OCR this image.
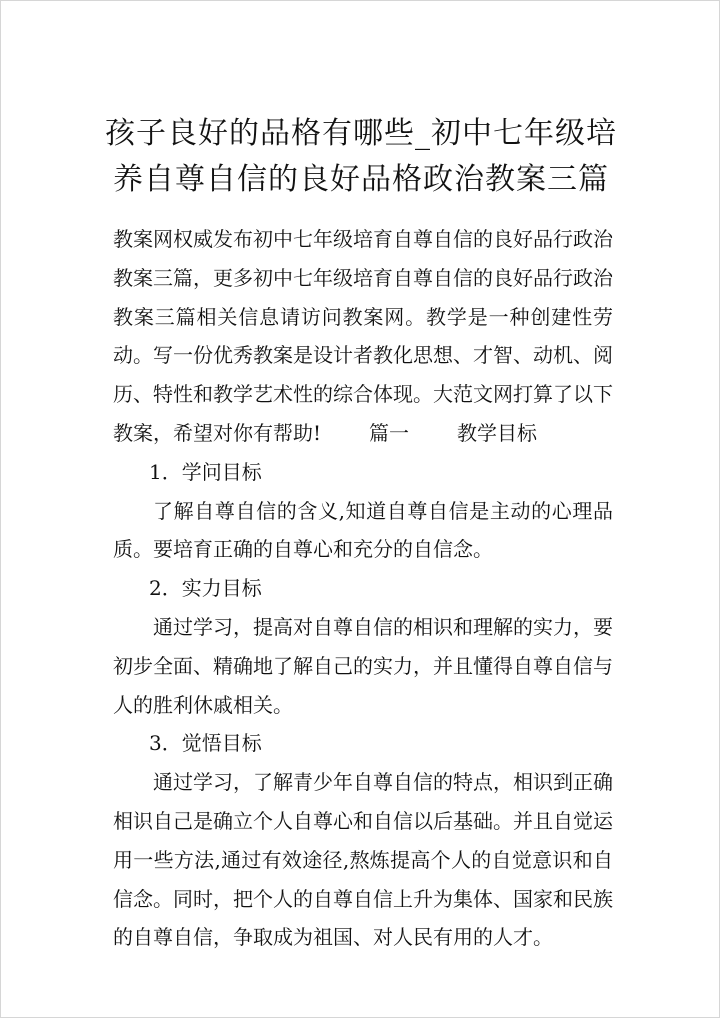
孩子良好的品格有哪些_初中七年级培养自尊自信的良好品格政治教案三篇

教案网权威发布初中七年级培育自尊自信的良好品行政治教案三篇，更多初中七年级培育自尊自信的良好品行政治教案三篇相关信息请访问教案网。教学是一种创建性劳动。写一份优秀教案是设计者教化思想、才智、动机、阅历、特性和教学艺术性的综合体现。大范文网打算了以下教案，希望对你有帮助! 篇一 教学目标

1．学问目标

了解自尊自信的含义,知道自尊自信是主动的心理品质。要培育正确的自尊心和充分的自信念。

2．实力目标

通过学习，提高对自尊自信的相识和理解的实力，要初步全面、精确地了解自己的实力，并且懂得自尊自信与人的胜利休戚相关。

3．觉悟目标

通过学习，了解青少年自尊自信的特点，相识到正确相识自己是确立个人自尊心和自信以后基础。并且自觉运用一些方法,通过有效途径,熬炼提高个人的自觉意识和自信念。同时，把个人的自尊自信上升为集体、国家和民族的自尊自信，争取成为祖国、对人民有用的人才。
